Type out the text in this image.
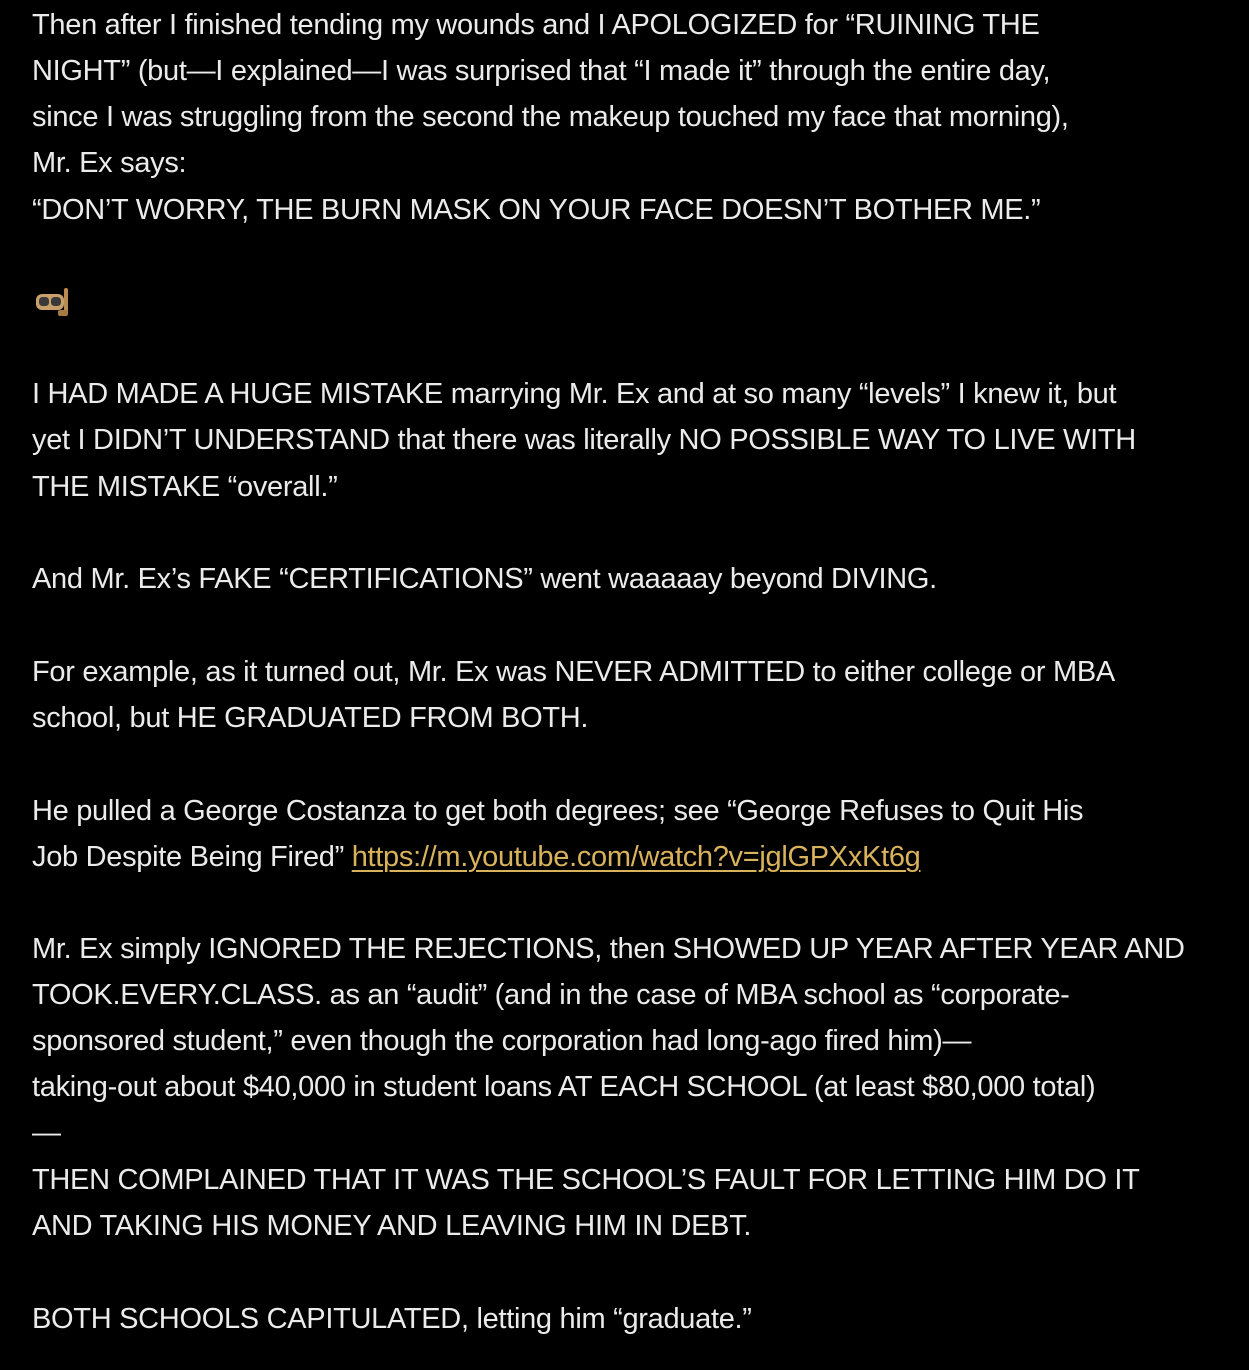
Then after I finished tending my wounds and I APOLOGIZED for “RUINING THE
NIGHT” (but—I explained—I was surprised that “I made it” through the entire day,
since I was struggling from the second the makeup touched my face that morning),
Mr. Ex says:
“DON’T WORRY, THE BURN MASK ON YOUR FACE DOESN’T BOTHER ME.”
I HAD MADE A HUGE MISTAKE marrying Mr. Ex and at so many “levels” I knew it, but
yet I DIDN’T UNDERSTAND that there was literally NO POSSIBLE WAY TO LIVE WITH
THE MISTAKE “overall.”
And Mr. Ex’s FAKE “CERTIFICATIONS” went waaaaay beyond DIVING.
For example, as it turned out, Mr. Ex was NEVER ADMITTED to either college or MBA
school, but HE GRADUATED FROM BOTH.
He pulled a George Costanza to get both degrees; see “George Refuses to Quit His
Job Despite Being Fired” https://m.youtube.com/watch?v=jglGPXxKt6g
Mr. Ex simply IGNORED THE REJECTIONS, then SHOWED UP YEAR AFTER YEAR AND
TOOK.EVERY.CLASS. as an “audit” (and in the case of MBA school as “corporate-
sponsored student,” even though the corporation had long-ago fired him)—
taking-out about $40,000 in student loans AT EACH SCHOOL (at least $80,000 total)
—
THEN COMPLAINED THAT IT WAS THE SCHOOL’S FAULT FOR LETTING HIM DO IT
AND TAKING HIS MONEY AND LEAVING HIM IN DEBT.
BOTH SCHOOLS CAPITULATED, letting him “graduate.”
